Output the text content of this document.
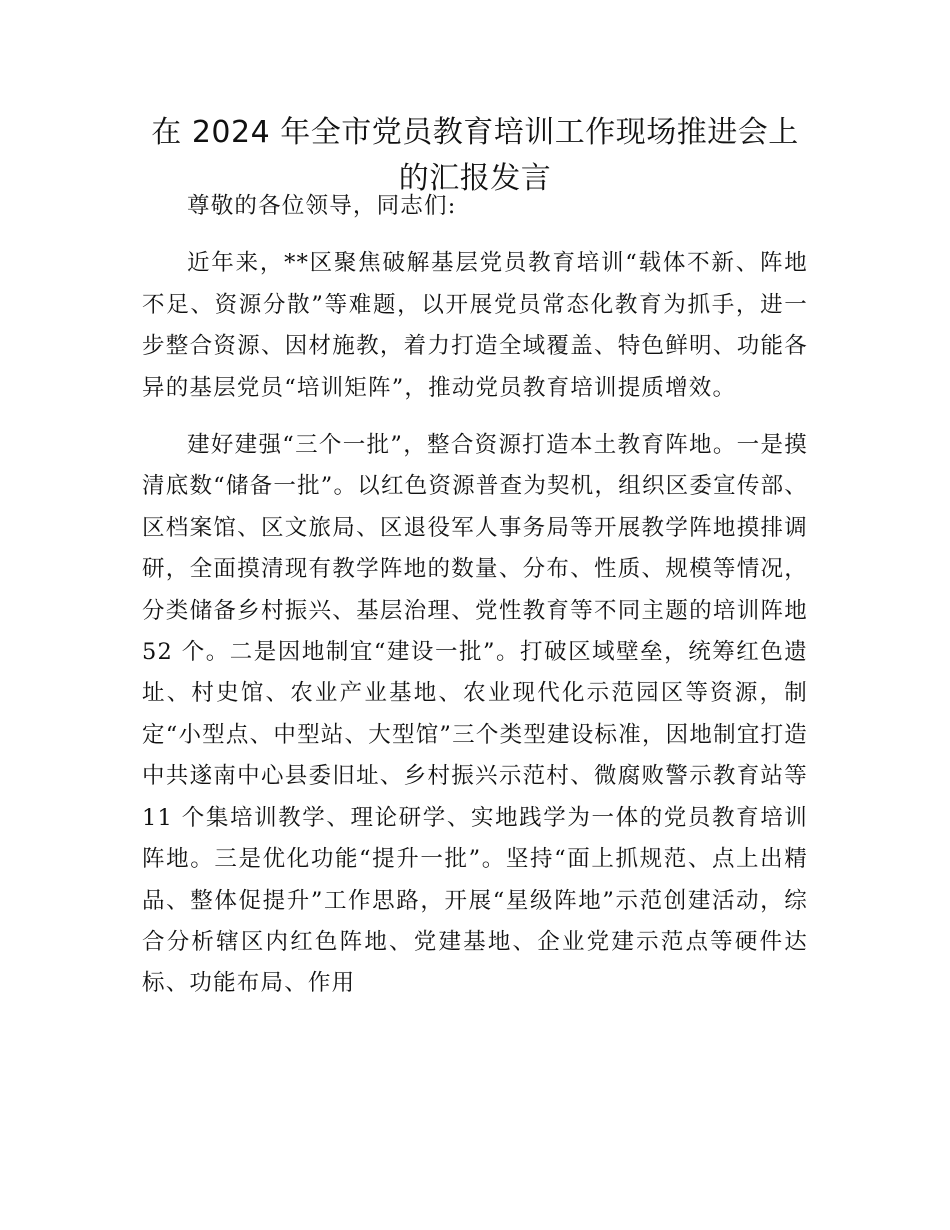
在 2024 年全市党员教育培训工作现场推进会上
的汇报发言

尊敬的各位领导，同志们:

近年来，**区聚焦破解基层党员教育培训“载体不新、阵地不足、资源分散”等难题，以开展党员常态化教育为抓手，进一步整合资源、因材施教，着力打造全域覆盖、特色鲜明、功能各异的基层党员“培训矩阵”，推动党员教育培训提质增效。

建好建强“三个一批”，整合资源打造本土教育阵地。一是摸清底数“储备一批”。以红色资源普查为契机，组织区委宣传部、区档案馆、区文旅局、区退役军人事务局等开展教学阵地摸排调研，全面摸清现有教学阵地的数量、分布、性质、规模等情况，分类储备乡村振兴、基层治理、党性教育等不同主题的培训阵地 52 个。二是因地制宜“建设一批”。打破区域壁垒，统筹红色遗址、村史馆、农业产业基地、农业现代化示范园区等资源，制定“小型点、中型站、大型馆”三个类型建设标准，因地制宜打造中共遂南中心县委旧址、乡村振兴示范村、微腐败警示教育站等 11 个集培训教学、理论研学、实地践学为一体的党员教育培训阵地。三是优化功能“提升一批”。坚持“面上抓规范、点上出精品、整体促提升”工作思路，开展“星级阵地”示范创建活动，综合分析辖区内红色阵地、党建基地、企业党建示范点等硬件达标、功能布局、作用
